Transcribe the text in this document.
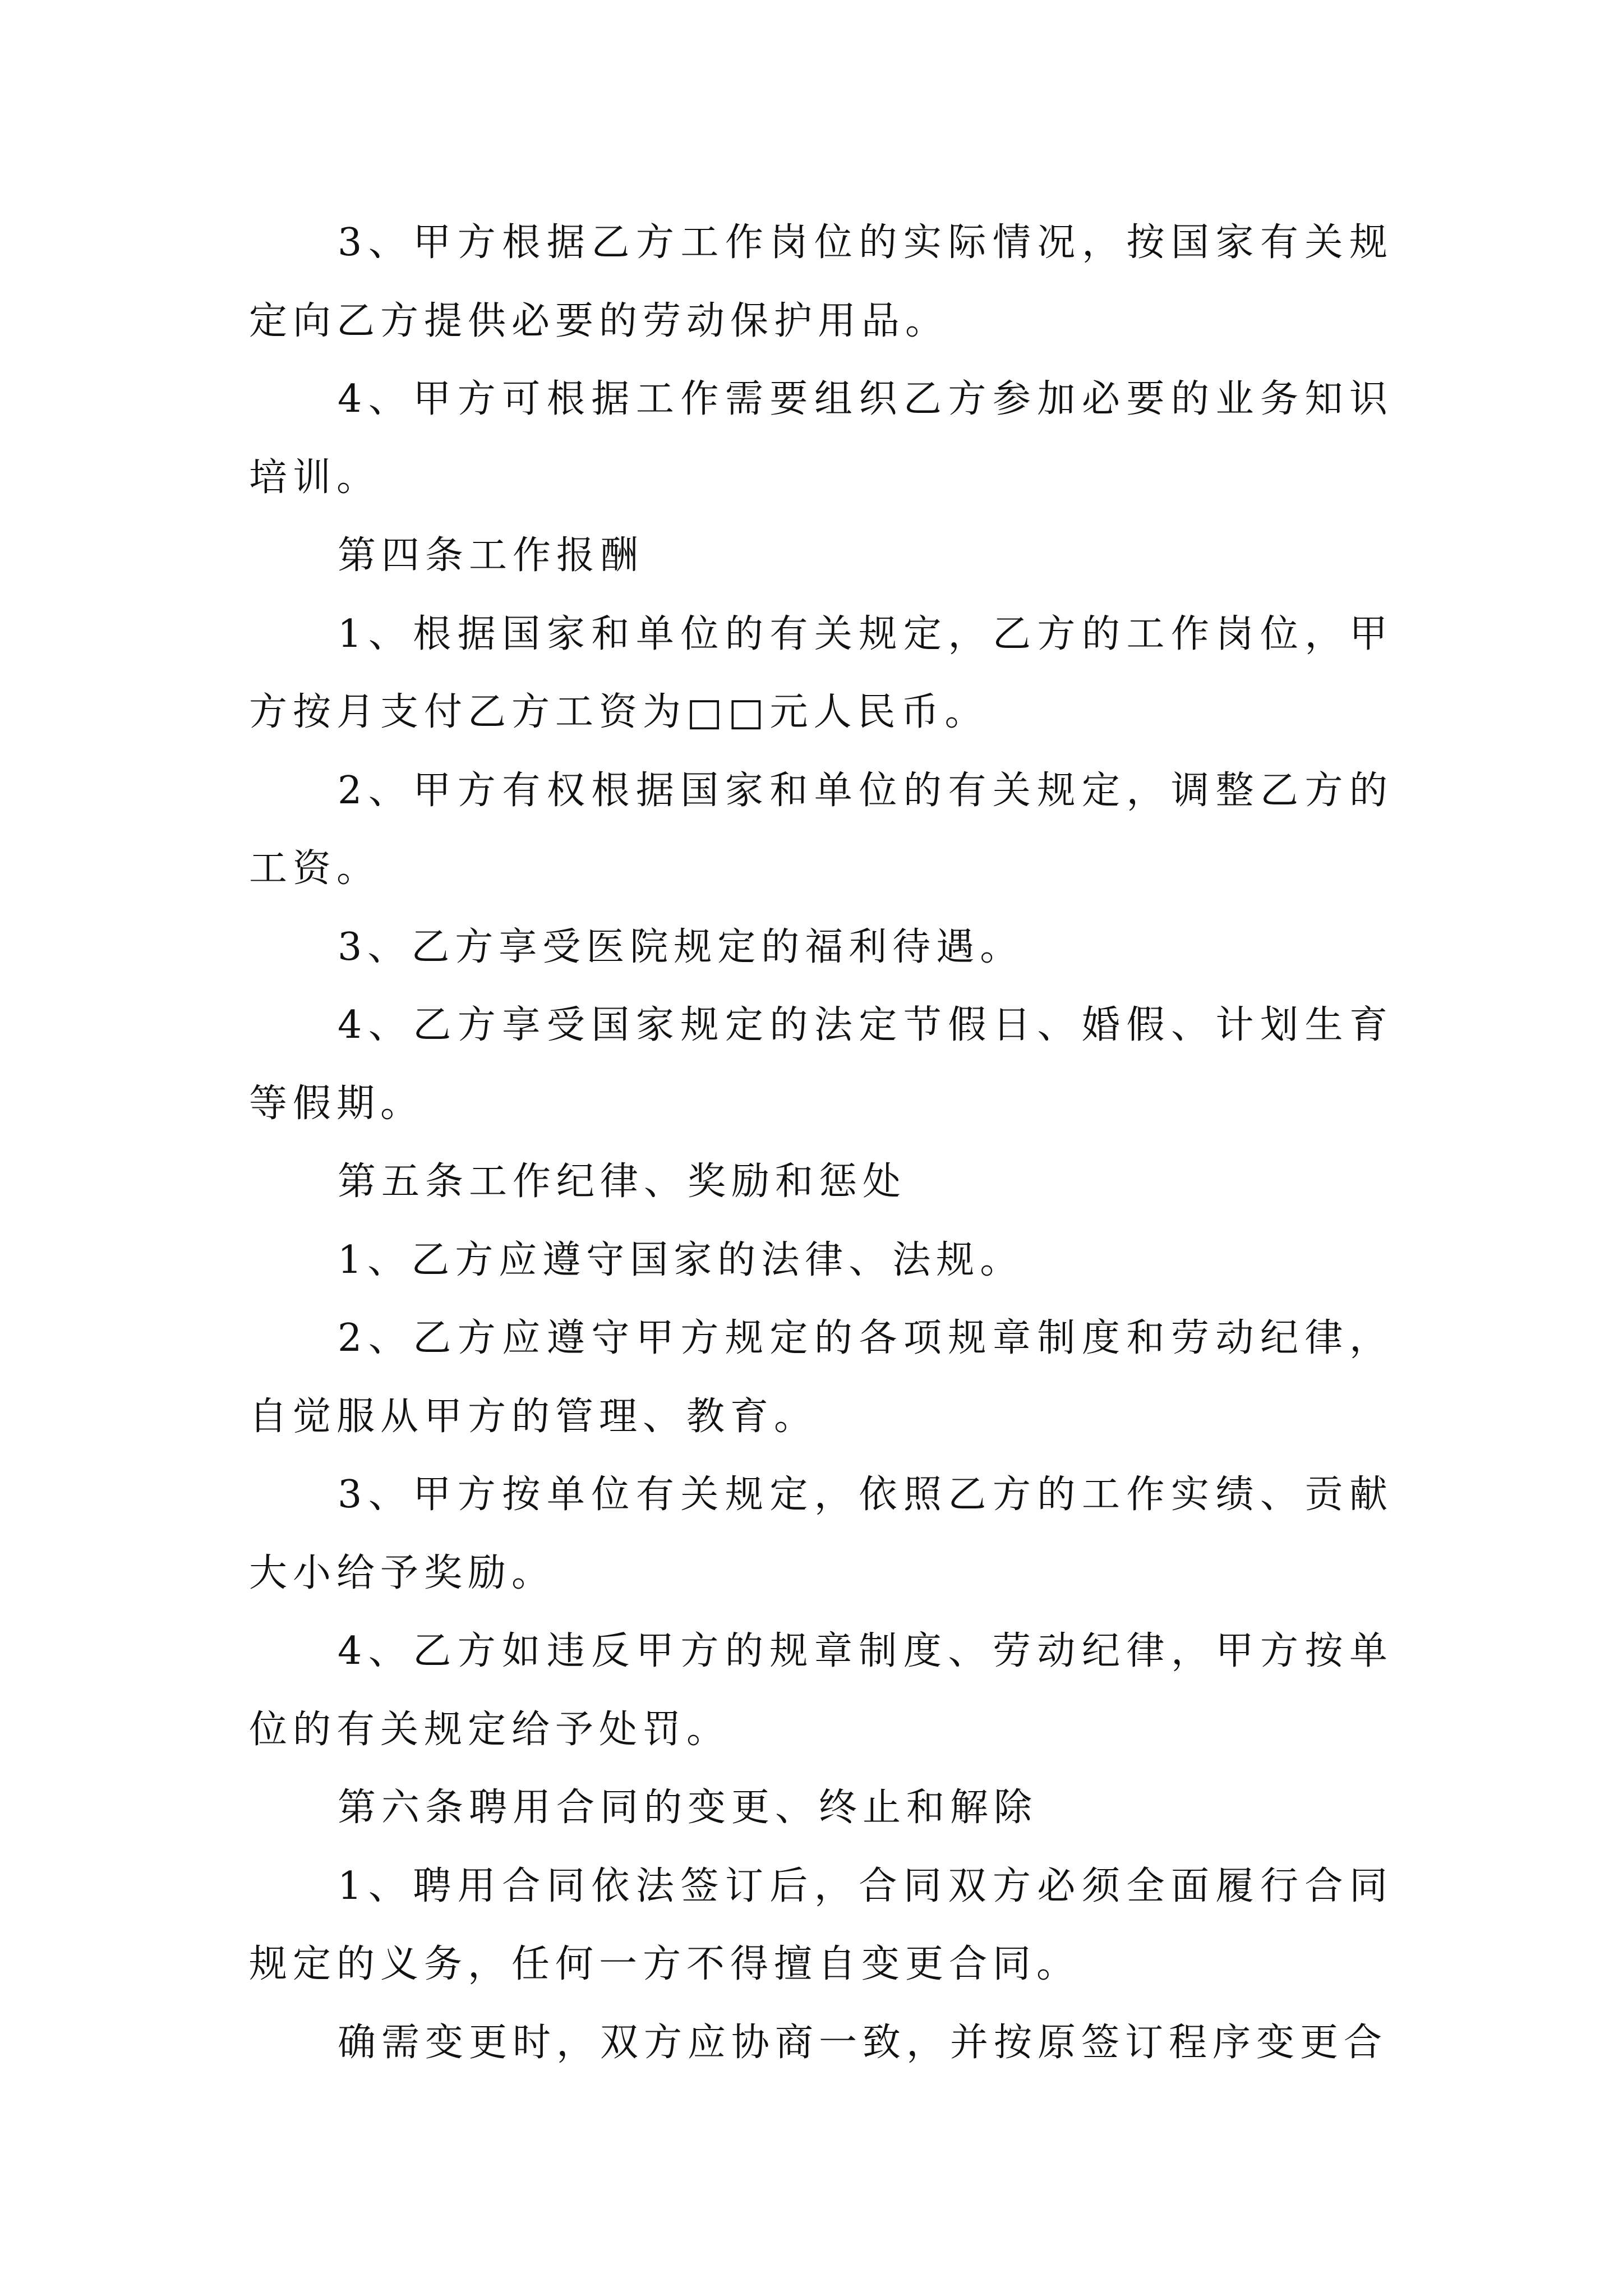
3、甲方根据乙方工作岗位的实际情况，按国家有关规定向乙方提供必要的劳动保护用品。

4、甲方可根据工作需要组织乙方参加必要的业务知识培训。

第四条工作报酬

1、根据国家和单位的有关规定，乙方的工作岗位，甲方按月支付乙方工资为□□元人民币。

2、甲方有权根据国家和单位的有关规定，调整乙方的工资。

3、乙方享受医院规定的福利待遇。

4、乙方享受国家规定的法定节假日、婚假、计划生育等假期。

第五条工作纪律、奖励和惩处

1、乙方应遵守国家的法律、法规。

2、乙方应遵守甲方规定的各项规章制度和劳动纪律，自觉服从甲方的管理、教育。

3、甲方按单位有关规定，依照乙方的工作实绩、贡献大小给予奖励。

4、乙方如违反甲方的规章制度、劳动纪律，甲方按单位的有关规定给予处罚。

第六条聘用合同的变更、终止和解除

1、聘用合同依法签订后，合同双方必须全面履行合同规定的义务，任何一方不得擅自变更合同。

确需变更时，双方应协商一致，并按原签订程序变更合
